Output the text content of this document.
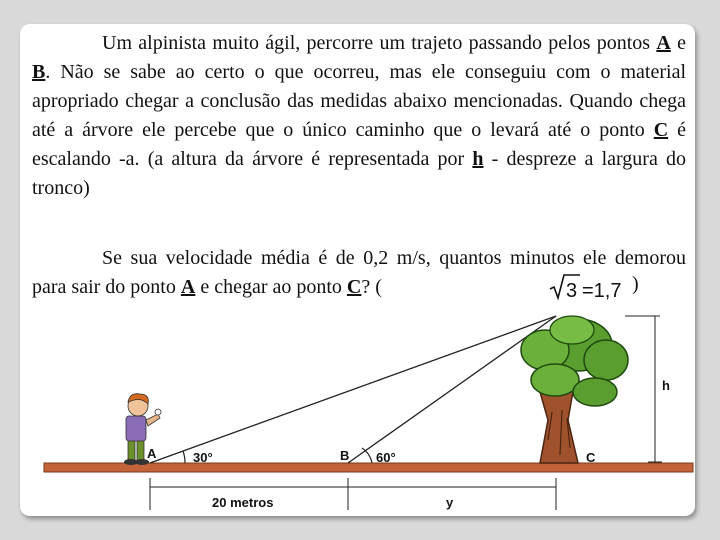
Um alpinista muito ágil, percorre um trajeto passando pelos pontos A e B. Não se sabe ao certo o que ocorreu, mas ele conseguiu com o material apropriado chegar a conclusão das medidas abaixo mencionadas. Quando chega até a árvore ele percebe que o único caminho que o levará até o ponto C é escalando -a. (a altura da árvore é representada por h - despreze a largura do tronco)

Se sua velocidade média é de 0,2 m/s, quantos minutos ele demorou para sair do ponto A e chegar ao ponto C? (	3 =1,7 )
A	B	C
30°	60°
h
20 metros	y
